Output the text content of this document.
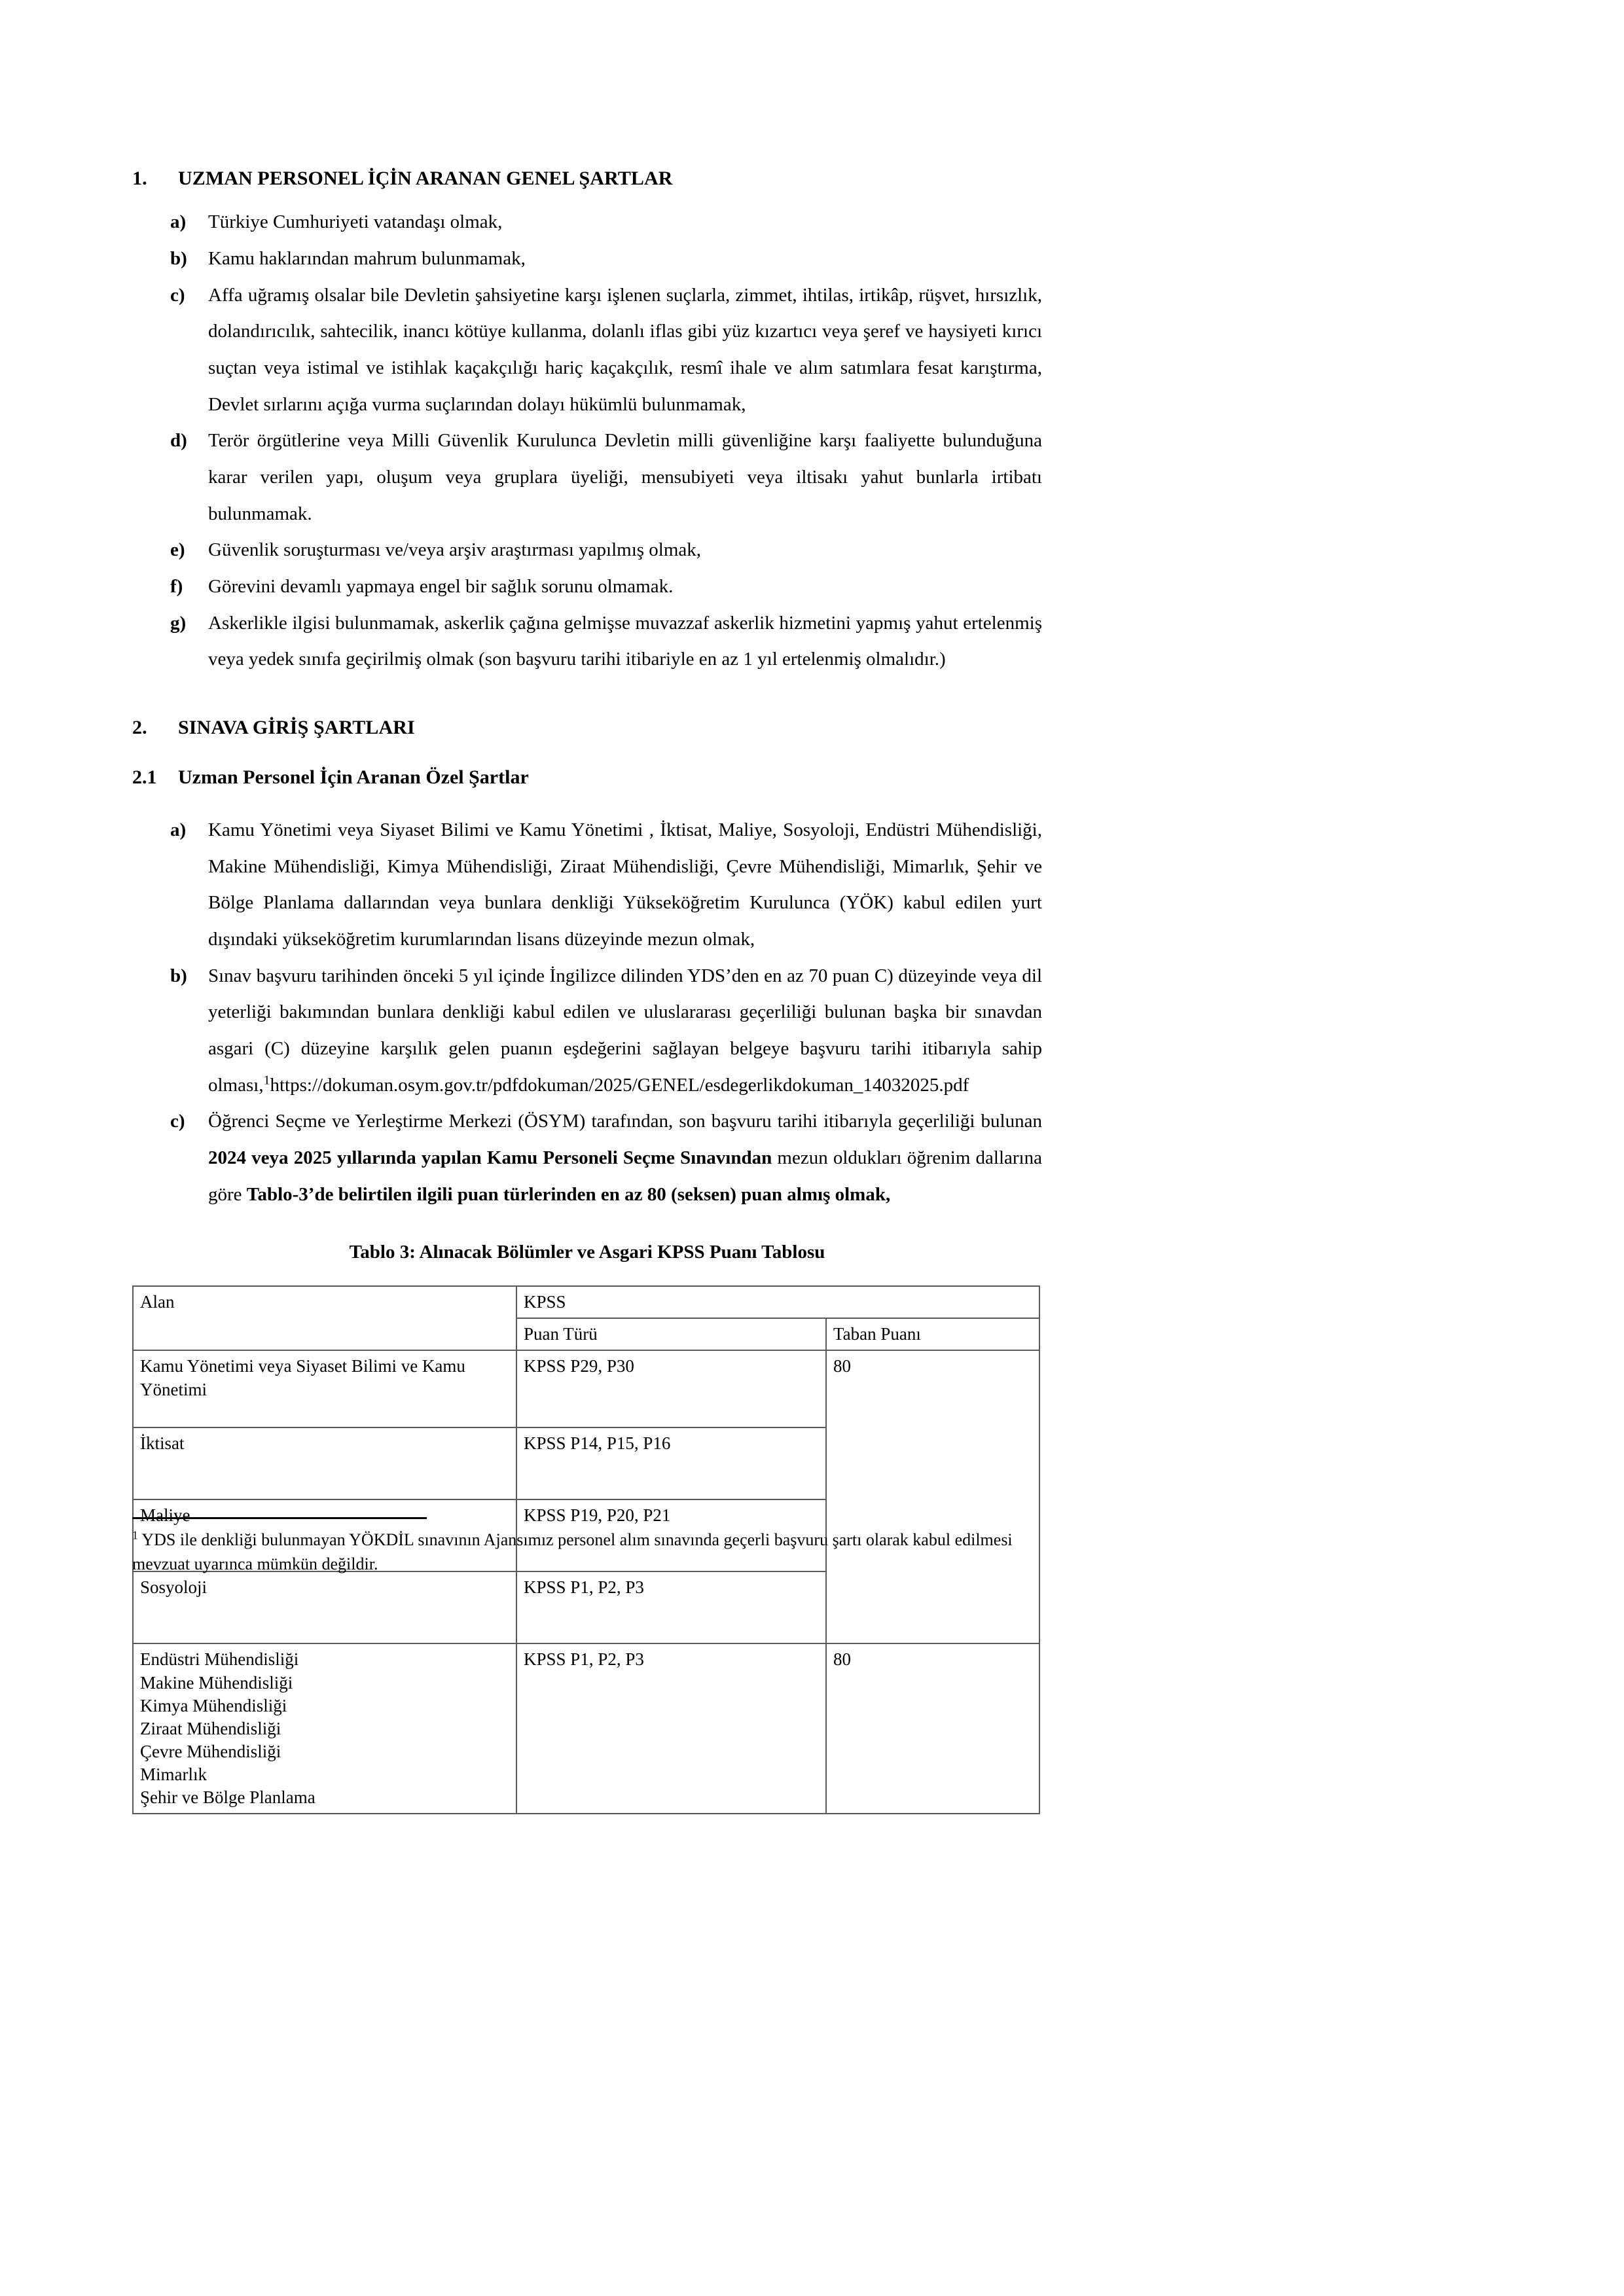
1.	UZMAN PERSONEL İÇİN ARANAN GENEL ŞARTLAR
a)	Türkiye Cumhuriyeti vatandaşı olmak,
b)	Kamu haklarından mahrum bulunmamak,
c)	Affa uğramış olsalar bile Devletin şahsiyetine karşı işlenen suçlarla, zimmet, ihtilas, irtikâp, rüşvet, hırsızlık, dolandırıcılık, sahtecilik, inancı kötüye kullanma, dolanlı iflas gibi yüz kızartıcı veya şeref ve haysiyeti kırıcı suçtan veya istimal ve istihlak kaçakçılığı hariç kaçakçılık, resmî ihale ve alım satımlara fesat karıştırma, Devlet sırlarını açığa vurma suçlarından dolayı hükümlü bulunmamak,
d)	Terör örgütlerine veya Milli Güvenlik Kurulunca Devletin milli güvenliğine karşı faaliyette bulunduğuna karar verilen yapı, oluşum veya gruplara üyeliği, mensubiyeti veya iltisakı yahut bunlarla irtibatı bulunmamak.
e)	Güvenlik soruşturması ve/veya arşiv araştırması yapılmış olmak,
f)	Görevini devamlı yapmaya engel bir sağlık sorunu olmamak.
g)	Askerlikle ilgisi bulunmamak, askerlik çağına gelmişse muvazzaf askerlik hizmetini yapmış yahut ertelenmiş veya yedek sınıfa geçirilmiş olmak (son başvuru tarihi itibariyle en az 1 yıl ertelenmiş olmalıdır.)
2.	SINAVA GİRİŞ ŞARTLARI
2.1	Uzman Personel İçin Aranan Özel Şartlar
a)	Kamu Yönetimi veya Siyaset Bilimi ve Kamu Yönetimi , İktisat, Maliye, Sosyoloji, Endüstri Mühendisliği, Makine Mühendisliği, Kimya Mühendisliği, Ziraat Mühendisliği, Çevre Mühendisliği, Mimarlık, Şehir ve Bölge Planlama dallarından veya bunlara denkliği Yükseköğretim Kurulunca (YÖK) kabul edilen yurt dışındaki yükseköğretim kurumlarından lisans düzeyinde mezun olmak,
b)	Sınav başvuru tarihinden önceki 5 yıl içinde İngilizce dilinden YDS’den en az 70 puan C) düzeyinde veya dil yeterliği bakımından bunlara denkliği kabul edilen ve uluslararası geçerliliği bulunan başka bir sınavdan asgari (C) düzeyine karşılık gelen puanın eşdeğerini sağlayan belgeye başvuru tarihi itibarıyla sahip olması,$^1$https://dokuman.osym.gov.tr/pdfdokuman/2025/GENEL/esdegerlikdokuman_14032025.pdf
c)	Öğrenci Seçme ve Yerleştirme Merkezi (ÖSYM) tarafından, son başvuru tarihi itibarıyla geçerliliği bulunan 2024 veya 2025 yıllarında yapılan Kamu Personeli Seçme Sınavından mezun oldukları öğrenim dallarına göre Tablo-3’de belirtilen ilgili puan türlerinden en az 80 (seksen) puan almış olmak,
Tablo 3: Alınacak Bölümler ve Asgari KPSS Puanı Tablosu
Alan	KPSS	
	Puan Türü	Taban Puanı
Kamu Yönetimi veya Siyaset Bilimi ve Kamu Yönetimi	KPSS P29, P30	80
İktisat	KPSS P14, P15, P16	
Maliye	KPSS P19, P20, P21	
Sosyoloji	KPSS P1, P2, P3	

Endüstri Mühendisliği
Makine Mühendisliği
Kimya Mühendisliği
Ziraat Mühendisliği
Çevre Mühendisliği
Mimarlık
Şehir ve Bölge Planlama
	KPSS P1, P2, P3	80
$^1$ YDS ile denkliği bulunmayan YÖKDİL sınavının Ajansımız personel alım sınavında geçerli başvuru şartı olarak kabul edilmesi mevzuat uyarınca mümkün değildir.
